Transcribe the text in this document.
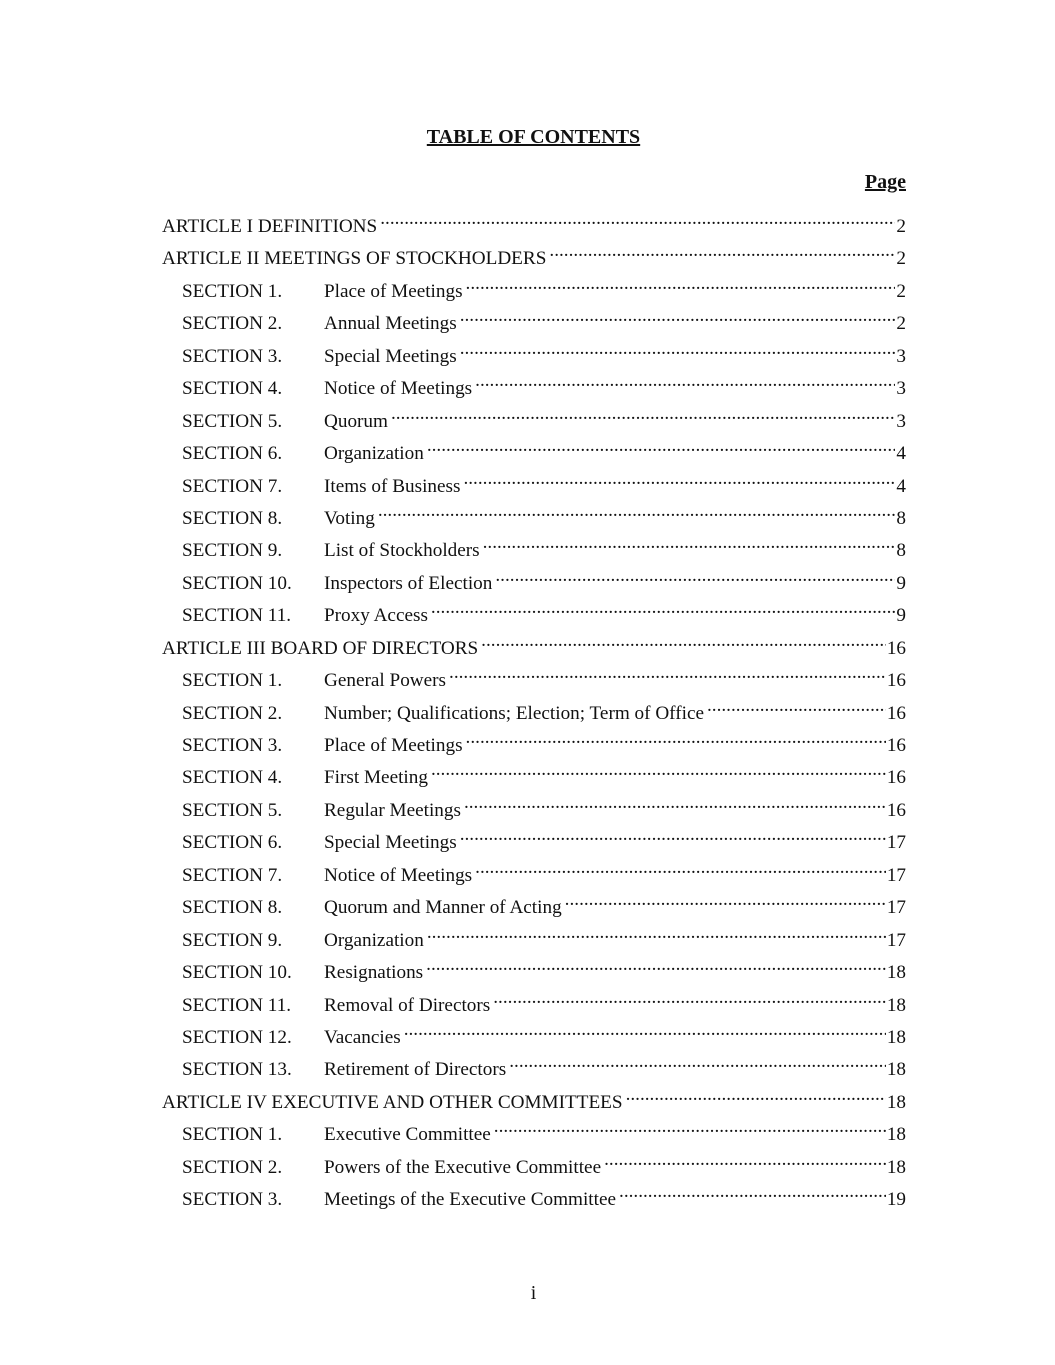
TABLE OF CONTENTS
Page
ARTICLE I DEFINITIONS .....	2
ARTICLE II MEETINGS OF STOCKHOLDERS .....	2
SECTION 1.	Place of Meetings .....	2
SECTION 2.	Annual Meetings .....	2
SECTION 3.	Special Meetings .....	3
SECTION 4.	Notice of Meetings .....	3
SECTION 5.	Quorum .....	3
SECTION 6.	Organization .....	4
SECTION 7.	Items of Business .....	4
SECTION 8.	Voting .....	8
SECTION 9.	List of Stockholders .....	8
SECTION 10.	Inspectors of Election .....	9
SECTION 11.	Proxy Access .....	9
ARTICLE III BOARD OF DIRECTORS .....	16
SECTION 1.	General Powers .....	16
SECTION 2.	Number; Qualifications; Election; Term of Office .....	16
SECTION 3.	Place of Meetings .....	16
SECTION 4.	First Meeting .....	16
SECTION 5.	Regular Meetings .....	16
SECTION 6.	Special Meetings .....	17
SECTION 7.	Notice of Meetings .....	17
SECTION 8.	Quorum and Manner of Acting .....	17
SECTION 9.	Organization .....	17
SECTION 10.	Resignations .....	18
SECTION 11.	Removal of Directors .....	18
SECTION 12.	Vacancies .....	18
SECTION 13.	Retirement of Directors .....	18
ARTICLE IV EXECUTIVE AND OTHER COMMITTEES .....	18
SECTION 1.	Executive Committee .....	18
SECTION 2.	Powers of the Executive Committee .....	18
SECTION 3.	Meetings of the Executive Committee .....	19
i
